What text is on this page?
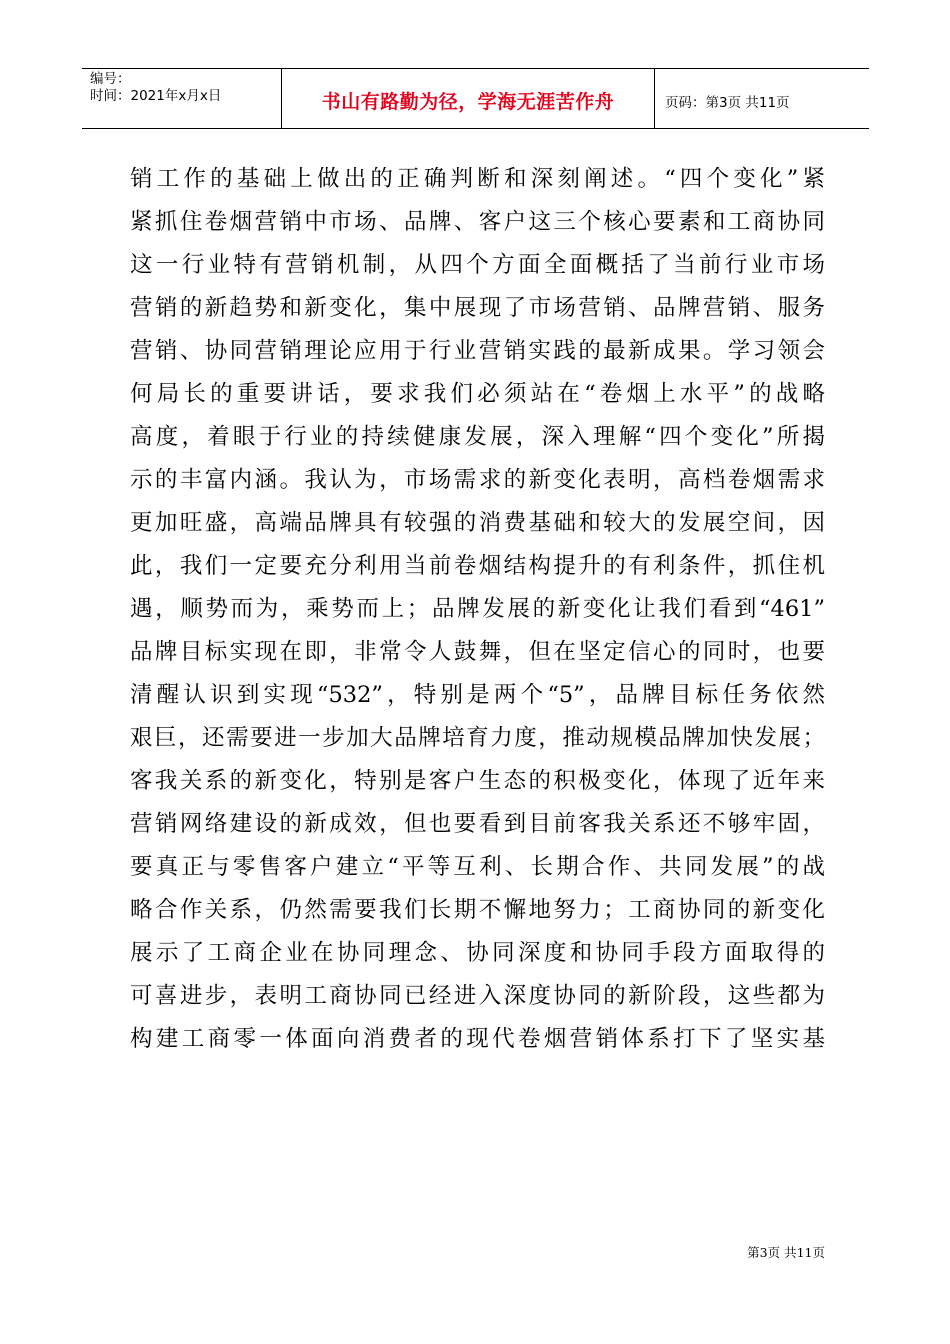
编号：
时间：2021年x月x日	书山有路勤为径，学海无涯苦作舟	页码：第3页 共11页
销工作的基础上做出的正确判断和深刻阐述。“四个变化”紧
紧抓住卷烟营销中市场、品牌、客户这三个核心要素和工商协同
这一行业特有营销机制，从四个方面全面概括了当前行业市场
营销的新趋势和新变化，集中展现了市场营销、品牌营销、服务
营销、协同营销理论应用于行业营销实践的最新成果。学习领会
何局长的重要讲话，要求我们必须站在“卷烟上水平”的战略
高度，着眼于行业的持续健康发展，深入理解“四个变化”所揭
示的丰富内涵。我认为，市场需求的新变化表明，高档卷烟需求
更加旺盛，高端品牌具有较强的消费基础和较大的发展空间，因
此，我们一定要充分利用当前卷烟结构提升的有利条件，抓住机
遇，顺势而为，乘势而上；品牌发展的新变化让我们看到“461”
品牌目标实现在即，非常令人鼓舞，但在坚定信心的同时，也要
清醒认识到实现“532”，特别是两个“5”，品牌目标任务依然
艰巨，还需要进一步加大品牌培育力度，推动规模品牌加快发展；
客我关系的新变化，特别是客户生态的积极变化，体现了近年来
营销网络建设的新成效，但也要看到目前客我关系还不够牢固，
要真正与零售客户建立“平等互利、长期合作、共同发展”的战
略合作关系，仍然需要我们长期不懈地努力；工商协同的新变化
展示了工商企业在协同理念、协同深度和协同手段方面取得的
可喜进步，表明工商协同已经进入深度协同的新阶段，这些都为
构建工商零一体面向消费者的现代卷烟营销体系打下了坚实基
第3页 共11页
